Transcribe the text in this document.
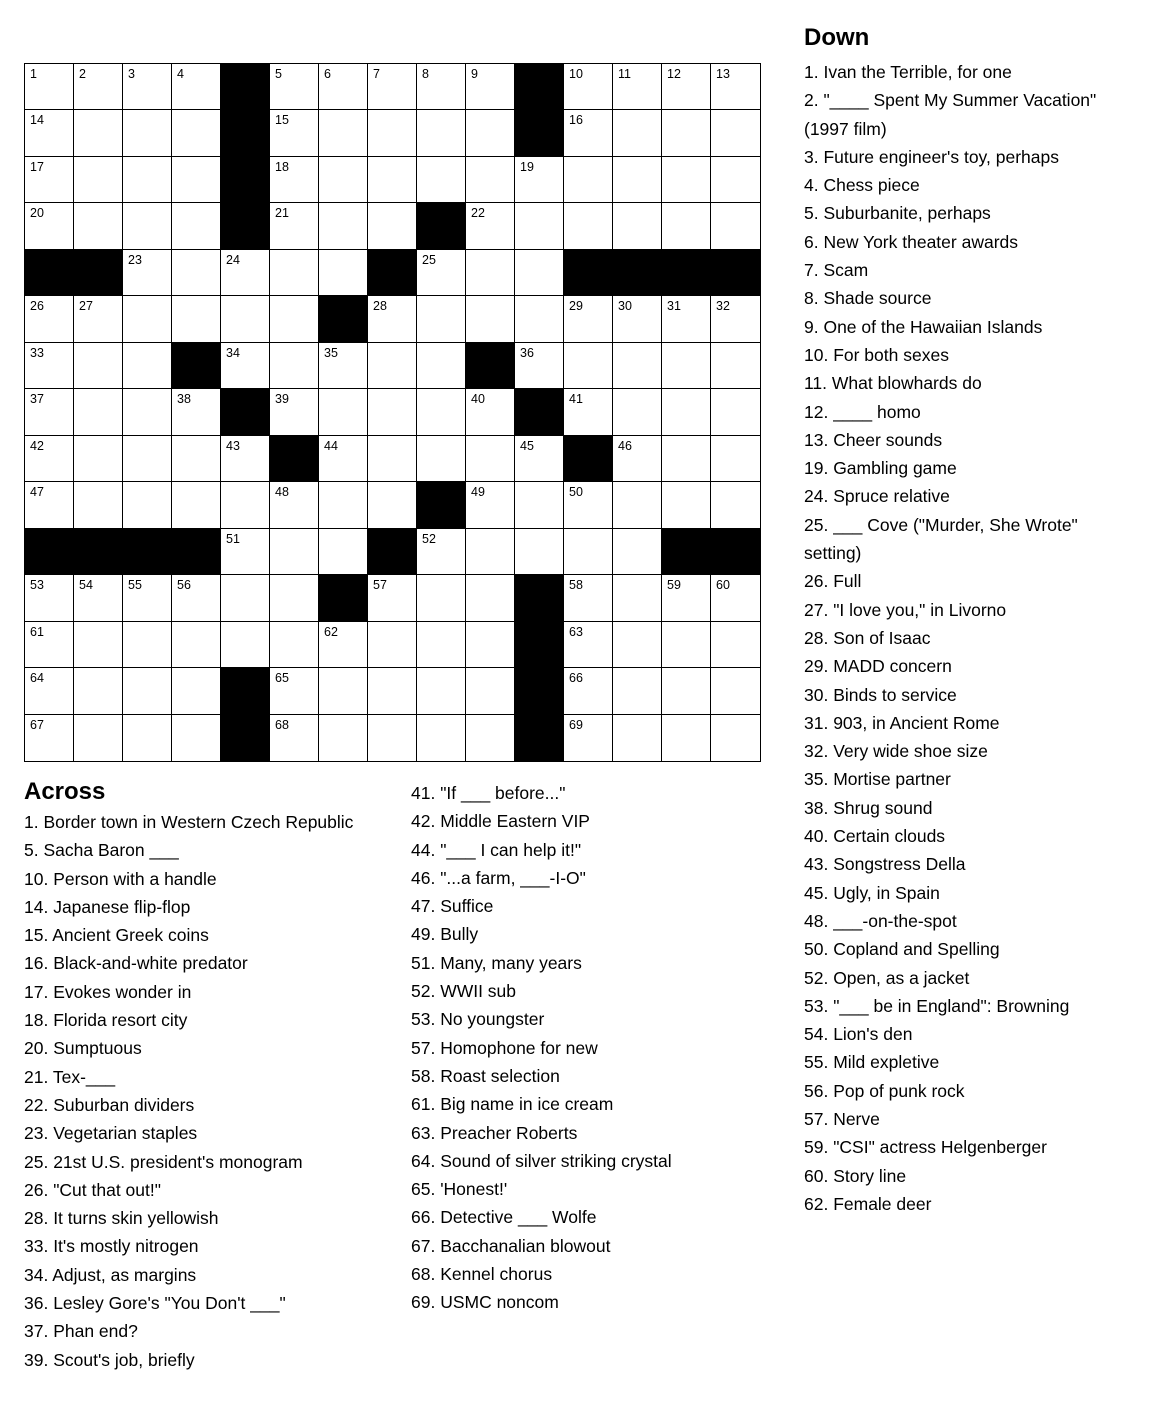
1	2	3	4	5	6	7	8	9	10	11	12	13
14	15	16
17	18	19
20	21	22
23	24	25
26	27	28	29	30	31	32
33	34	35	36
37	38	39	40	41
42	43	44	45	46
47	48	49	50
51	52
53	54	55	56	57	58	59	60
61	62	63
64	65	66
67	68	69
Across
Down
1. Border town in Western Czech Republic
5. Sacha Baron ___
10. Person with a handle
14. Japanese flip-flop
15. Ancient Greek coins
16. Black-and-white predator
17. Evokes wonder in
18. Florida resort city
20. Sumptuous
21. Tex-___
22. Suburban dividers
23. Vegetarian staples
25. 21st U.S. president's monogram
26. "Cut that out!"
28. It turns skin yellowish
33. It's mostly nitrogen
34. Adjust, as margins
36. Lesley Gore's "You Don't ___"
37. Phan end?
39. Scout's job, briefly
41. "If ___ before..."
42. Middle Eastern VIP
44. "___ I can help it!"
46. "...a farm, ___-I-O"
47. Suffice
49. Bully
51. Many, many years
52. WWII sub
53. No youngster
57. Homophone for new
58. Roast selection
61. Big name in ice cream
63. Preacher Roberts
64. Sound of silver striking crystal
65. 'Honest!'
66. Detective ___ Wolfe
67. Bacchanalian blowout
68. Kennel chorus
69. USMC noncom
1. Ivan the Terrible, for one
2. "____ Spent My Summer Vacation" (1997 film)
3. Future engineer's toy, perhaps
4. Chess piece
5. Suburbanite, perhaps
6. New York theater awards
7. Scam
8. Shade source
9. One of the Hawaiian Islands
10. For both sexes
11. What blowhards do
12. ____ homo
13. Cheer sounds
19. Gambling game
24. Spruce relative
25. ___ Cove ("Murder, She Wrote" setting)
26. Full
27. "I love you," in Livorno
28. Son of Isaac
29. MADD concern
30. Binds to service
31. 903, in Ancient Rome
32. Very wide shoe size
35. Mortise partner
38. Shrug sound
40. Certain clouds
43. Songstress Della
45. Ugly, in Spain
48. ___-on-the-spot
50. Copland and Spelling
52. Open, as a jacket
53. "___ be in England": Browning
54. Lion's den
55. Mild expletive
56. Pop of punk rock
57. Nerve
59. "CSI" actress Helgenberger
60. Story line
62. Female deer
